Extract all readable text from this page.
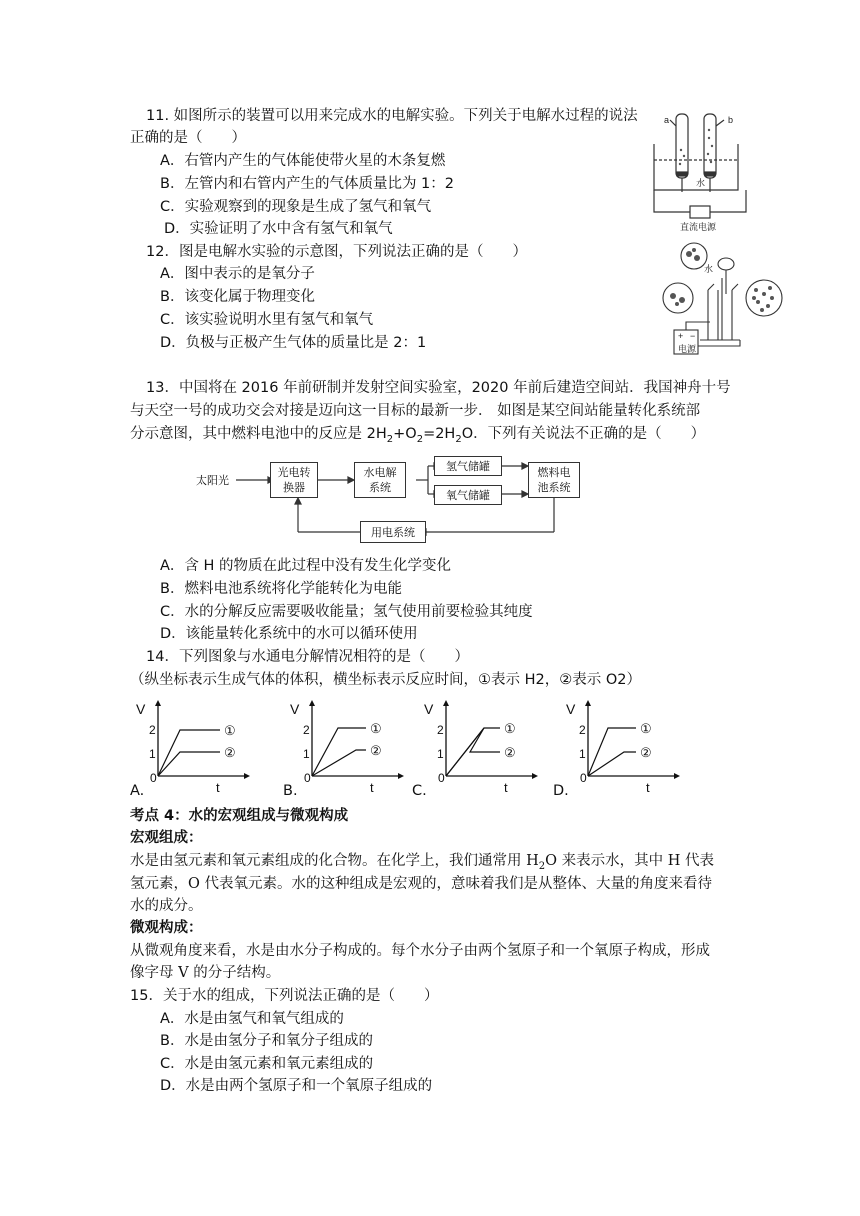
11. 如图所示的装置可以用来完成水的电解实验。下列关于电解水过程的说法
正确的是（　　）
A．右管内产生的气体能使带火星的木条复燃
B．左管内和右管内产生的气体质量比为 1：2
C．实验观察到的现象是生成了氢气和氧气
D．实验证明了水中含有氢气和氧气
a	b
水
直流电源
12．图是电解水实验的示意图，下列说法正确的是（　　）
A．图中表示的是氧分子
B．该变化属于物理变化
C．该实验说明水里有氢气和氧气
D．负极与正极产生气体的质量比是 2：1
水
电源
+ −
13．中国将在 2016 年前研制并发射空间实验室，2020 年前后建造空间站．我国神舟十号
与天空一号的成功交会对接是迈向这一目标的最新一步． 如图是某空间站能量转化系统部
分示意图，其中燃料电池中的反应是 $2H_2+O_2=2H_2O$．下列有关说法不正确的是（　　）
太阳光
光电转
换器
水电解
系统
氢气储罐
氧气储罐
燃料电
池系统
用电系统
A．含 H 的物质在此过程中没有发生化学变化
B．燃料电池系统将化学能转化为电能
C．水的分解反应需要吸收能量；氢气使用前要检验其纯度
D．该能量转化系统中的水可以循环使用
14．下列图象与水通电分解情况相符的是（　　）
（纵坐标表示生成气体的体积，横坐标表示反应时间，①表示 H2，②表示 O2）
V
t
2
1
0
①
②
V
t
2
1
0
①
②
V
t
2
1
0
①
②
V
t
2
1
0
①
②
A.	B.	C.	D.
考点 4：水的宏观组成与微观构成
宏观组成：
水是由氢元素和氧元素组成的化合物。在化学上，我们通常用 $H_2O$ 来表示水，其中 H 代表
氢元素，O 代表氧元素。水的这种组成是宏观的，意味着我们是从整体、大量的角度来看待
水的成分。
微观构成：
从微观角度来看，水是由水分子构成的。每个水分子由两个氢原子和一个氧原子构成，形成
像字母 V 的分子结构。
15．关于水的组成，下列说法正确的是（　　）
A．水是由氢气和氧气组成的
B．水是由氢分子和氧分子组成的
C．水是由氢元素和氧元素组成的
D．水是由两个氢原子和一个氧原子组成的
